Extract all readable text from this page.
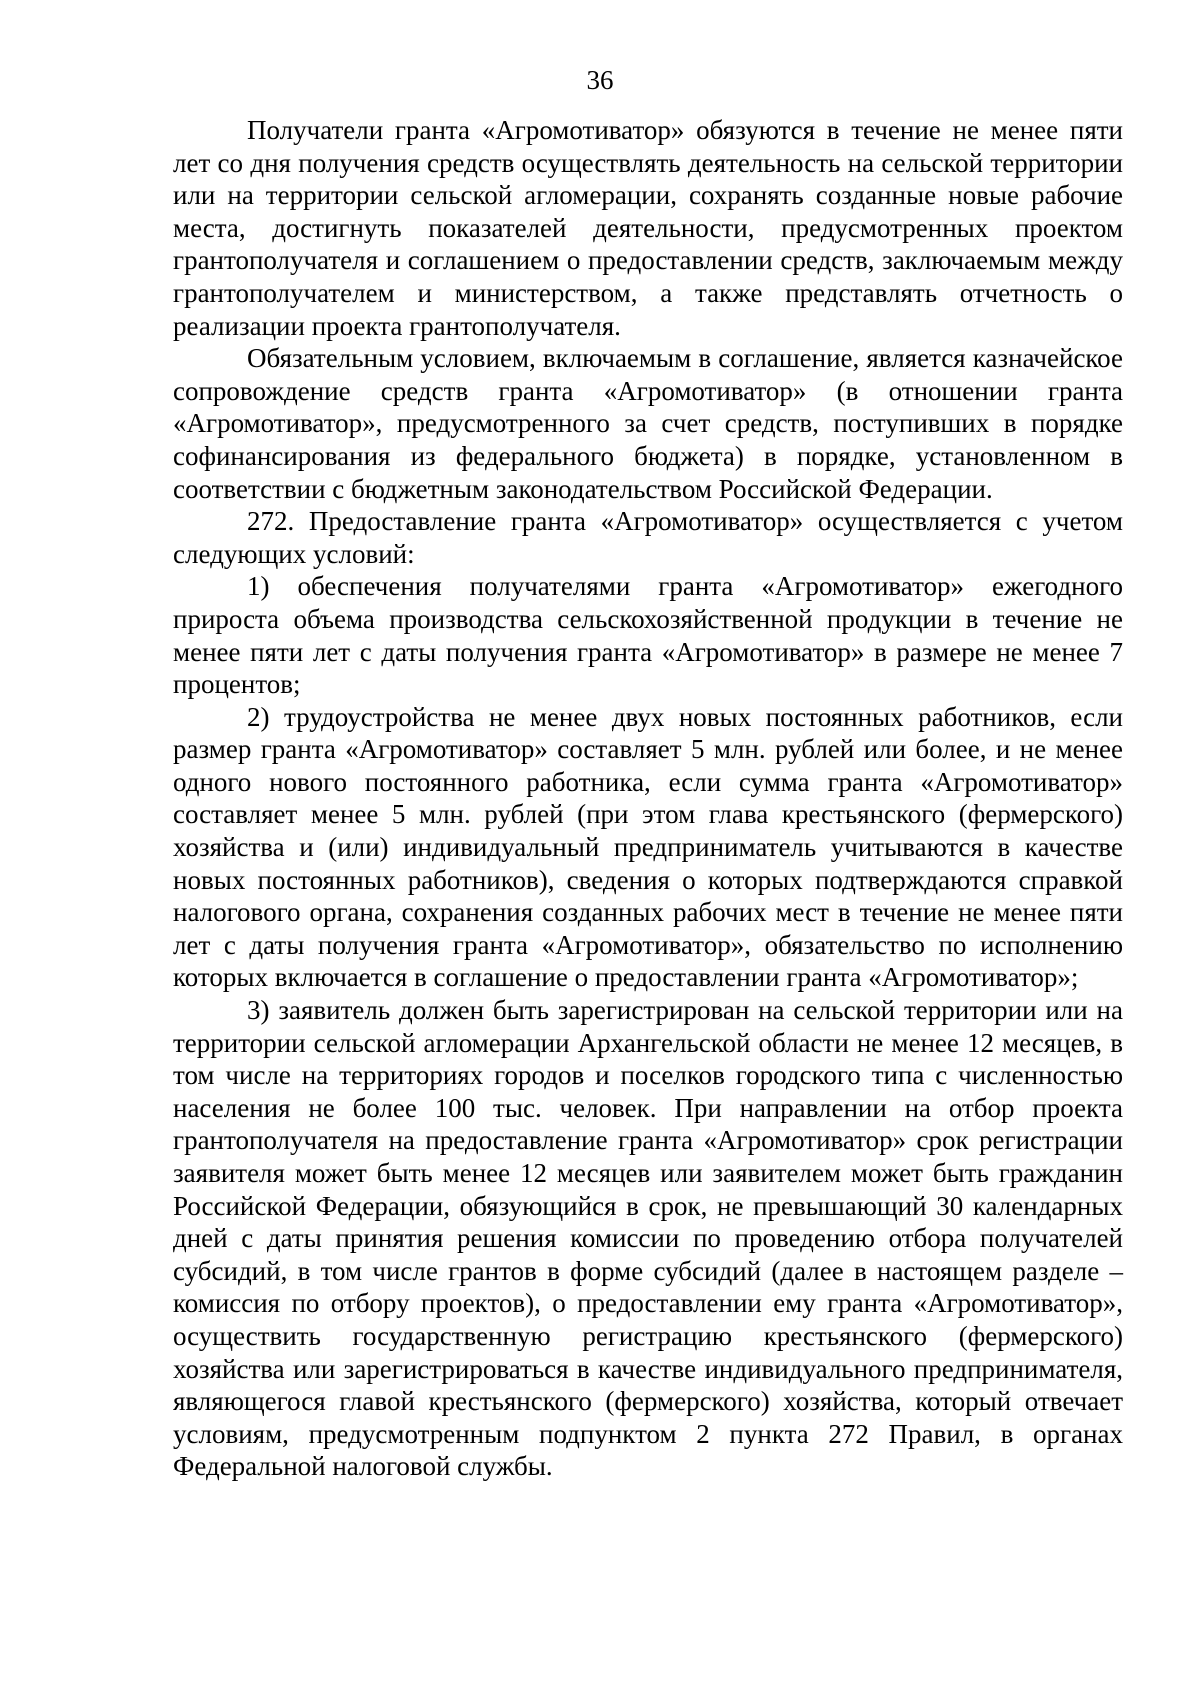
36

Получатели гранта «Агромотиватор» обязуются в течение не менее пяти лет со дня получения средств осуществлять деятельность на сельской территории или на территории сельской агломерации, сохранять созданные новые рабочие места, достигнуть показателей деятельности, предусмотренных проектом грантополучателя и соглашением о предоставлении средств, заключаемым между грантополучателем и министерством, а также представлять отчетность о реализации проекта грантополучателя.

Обязательным условием, включаемым в соглашение, является казначейское сопровождение средств гранта «Агромотиватор» (в отношении гранта «Агромотиватор», предусмотренного за счет средств, поступивших в порядке софинансирования из федерального бюджета) в порядке, установленном в соответствии с бюджетным законодательством Российской Федерации.

272. Предоставление гранта «Агромотиватор» осуществляется с учетом следующих условий:

1) обеспечения получателями гранта «Агромотиватор» ежегодного прироста объема производства сельскохозяйственной продукции в течение не менее пяти лет с даты получения гранта «Агромотиватор» в размере не менее 7 процентов;

2) трудоустройства не менее двух новых постоянных работников, если размер гранта «Агромотиватор» составляет 5 млн. рублей или более, и не менее одного нового постоянного работника, если сумма гранта «Агромотиватор» составляет менее 5 млн. рублей (при этом глава крестьянского (фермерского) хозяйства и (или) индивидуальный предприниматель учитываются в качестве новых постоянных работников), сведения о которых подтверждаются справкой налогового органа, сохранения созданных рабочих мест в течение не менее пяти лет с даты получения гранта «Агромотиватор», обязательство по исполнению которых включается в соглашение о предоставлении гранта «Агромотиватор»;

3) заявитель должен быть зарегистрирован на сельской территории или на территории сельской агломерации Архангельской области не менее 12 месяцев, в том числе на территориях городов и поселков городского типа с численностью населения не более 100 тыс. человек. При направлении на отбор проекта грантополучателя на предоставление гранта «Агромотиватор» срок регистрации заявителя может быть менее 12 месяцев или заявителем может быть гражданин Российской Федерации, обязующийся в срок, не превышающий 30 календарных дней с даты принятия решения комиссии по проведению отбора получателей субсидий, в том числе грантов в форме субсидий (далее в настоящем разделе – комиссия по отбору проектов), о предоставлении ему гранта «Агромотиватор», осуществить государственную регистрацию крестьянского (фермерского) хозяйства или зарегистрироваться в качестве индивидуального предпринимателя, являющегося главой крестьянского (фермерского) хозяйства, который отвечает условиям, предусмотренным подпунктом 2 пункта 272 Правил, в органах Федеральной налоговой службы.
